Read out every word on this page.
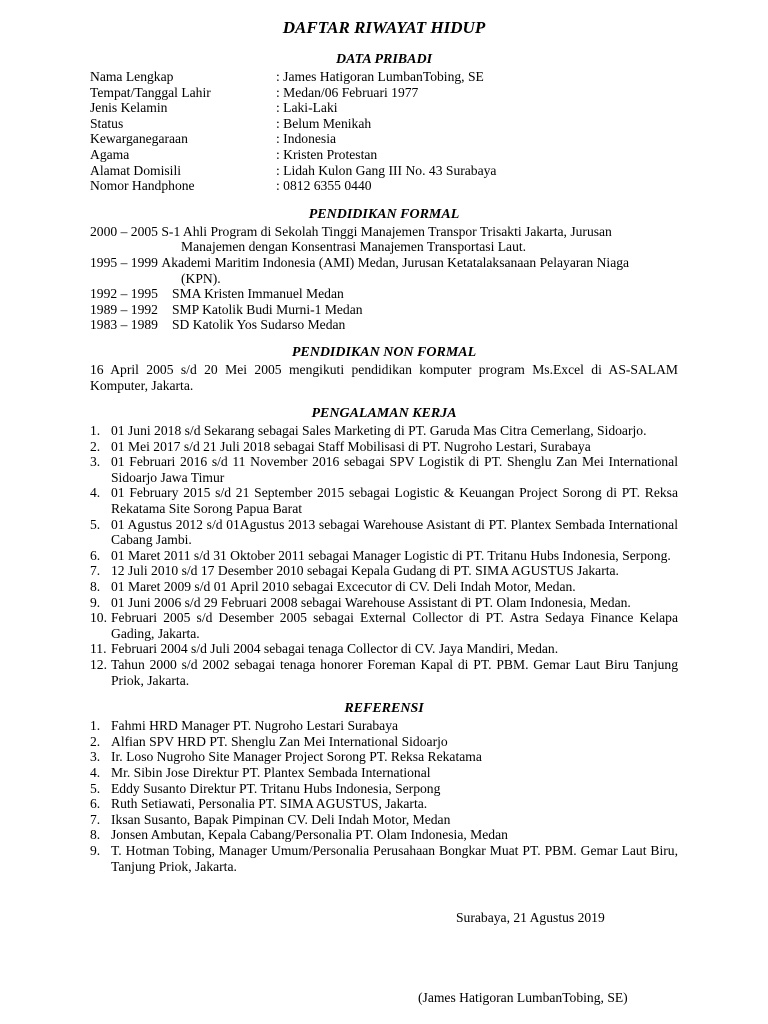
DAFTAR RIWAYAT HIDUP
DATA PRIBADI
Nama Lengkap	: James Hatigoran LumbanTobing, SE
Tempat/Tanggal Lahir	: Medan/06 Februari 1977
Jenis Kelamin	: Laki-Laki
Status	: Belum Menikah
Kewarganegaraan	: Indonesia
Agama	: Kristen Protestan
Alamat Domisili	: Lidah Kulon Gang III No. 43 Surabaya
Nomor Handphone	: 0812 6355 0440
PENDIDIKAN FORMAL
2000 – 2005 S-1 Ahli Program di Sekolah Tinggi Manajemen Transpor Trisakti Jakarta, Jurusan
Manajemen dengan Konsentrasi Manajemen Transportasi Laut.
1995 – 1999 Akademi Maritim Indonesia (AMI) Medan, Jurusan Ketatalaksanaan Pelayaran Niaga
(KPN).
1992 – 1995	SMA Kristen Immanuel Medan
1989 – 1992	SMP Katolik Budi Murni-1 Medan
1983 – 1989	SD Katolik Yos Sudarso Medan
PENDIDIKAN NON FORMAL
16 April 2005 s/d 20 Mei 2005 mengikuti pendidikan komputer program Ms.Excel di AS-SALAM Komputer, Jakarta.
PENGALAMAN KERJA
1. 01 Juni 2018 s/d Sekarang sebagai Sales Marketing di PT. Garuda Mas Citra Cemerlang, Sidoarjo.
2. 01 Mei 2017 s/d 21 Juli 2018 sebagai Staff Mobilisasi di PT. Nugroho Lestari, Surabaya
3. 01 Februari 2016 s/d 11 November 2016 sebagai SPV Logistik di PT. Shenglu Zan Mei International Sidoarjo Jawa Timur
4. 01 February 2015 s/d 21 September 2015 sebagai Logistic & Keuangan Project Sorong di PT. Reksa Rekatama Site Sorong Papua Barat
5. 01 Agustus 2012 s/d 01Agustus 2013 sebagai Warehouse Asistant di PT. Plantex Sembada International Cabang Jambi.
6. 01 Maret 2011 s/d 31 Oktober 2011 sebagai Manager Logistic di PT. Tritanu Hubs Indonesia, Serpong.
7. 12 Juli 2010 s/d 17 Desember 2010 sebagai Kepala Gudang di PT. SIMA AGUSTUS Jakarta.
8. 01 Maret 2009 s/d 01 April 2010 sebagai Excecutor di CV. Deli Indah Motor, Medan.
9. 01 Juni 2006 s/d 29 Februari 2008 sebagai Warehouse Assistant di PT. Olam Indonesia, Medan.
10. Februari 2005 s/d Desember 2005 sebagai External Collector di PT. Astra Sedaya Finance Kelapa Gading, Jakarta.
11. Februari 2004 s/d Juli 2004 sebagai tenaga Collector di CV. Jaya Mandiri, Medan.
12. Tahun 2000 s/d 2002 sebagai tenaga honorer Foreman Kapal di PT. PBM. Gemar Laut Biru Tanjung Priok, Jakarta.
REFERENSI
1. Fahmi HRD Manager PT. Nugroho Lestari Surabaya
2. Alfian SPV HRD PT. Shenglu Zan Mei International Sidoarjo
3. Ir. Loso Nugroho Site Manager Project Sorong PT. Reksa Rekatama
4. Mr. Sibin Jose Direktur PT. Plantex Sembada International
5. Eddy Susanto Direktur PT. Tritanu Hubs Indonesia, Serpong
6. Ruth Setiawati, Personalia PT. SIMA AGUSTUS, Jakarta.
7. Iksan Susanto, Bapak Pimpinan CV. Deli Indah Motor, Medan
8. Jonsen Ambutan, Kepala Cabang/Personalia PT. Olam Indonesia, Medan
9. T. Hotman Tobing, Manager Umum/Personalia Perusahaan Bongkar Muat PT. PBM. Gemar Laut Biru, Tanjung Priok, Jakarta.
Surabaya, 21 Agustus 2019
(James Hatigoran LumbanTobing, SE)
